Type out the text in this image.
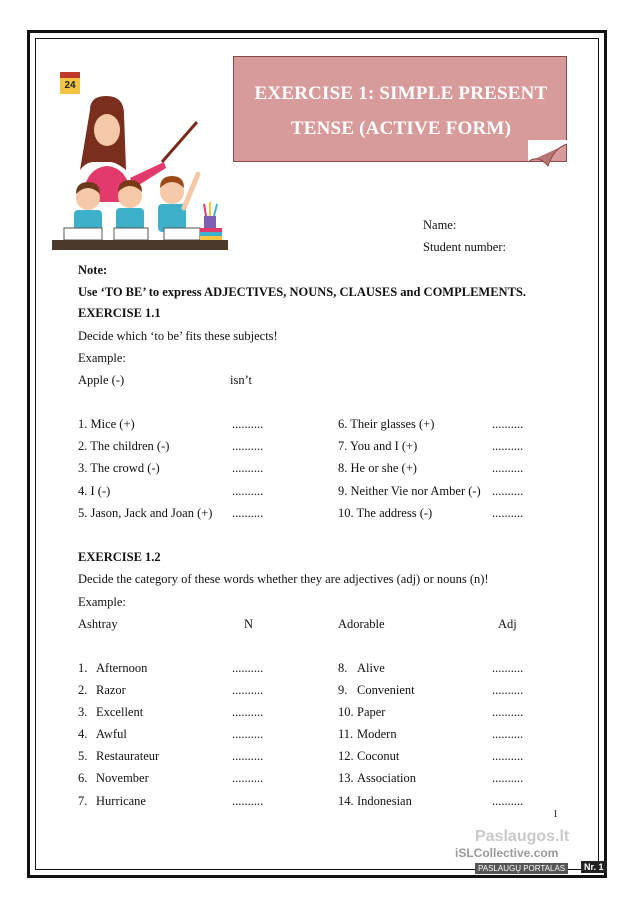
24	EXERCISE 1: SIMPLE PRESENT
TENSE (ACTIVE FORM)
Name:
Student number:
Note:
Use ‘TO BE’ to express ADJECTIVES, NOUNS, CLAUSES and COMPLEMENTS.
EXERCISE 1.1
Decide which ‘to be’ fits these subjects!
Example:
Apple (-)	isn’t
1. Mice (+)	..........
2. The children (-)	..........
3. The crowd (-)	..........
4. I (-)	..........
5. Jason, Jack and Joan (+) ..........
6. Their glasses (+)	..........
7. You and I (+)	..........
8. He or she (+)	..........
9. Neither Vie nor Amber (-) ..........
10. The address (-)	..........
EXERCISE 1.2
Decide the category of these words whether they are adjectives (adj) or nouns (n)!
Example:
Ashtray	N	Adorable	Adj
1. Afternoon	..........
2. Razor	..........
3. Excellent	..........
4. Awful	..........
5. Restaurateur	..........
6. November	..........
7. Hurricane	..........
8. Alive	..........
9. Convenient	..........
10. Paper	..........
11. Modern	..........
12. Coconut	..........
13. Association	..........
14. Indonesian	..........
1
Paslaugos.lt
iSLCollective.com
PASLAUGŲ PORTALAS	Nr. 1
